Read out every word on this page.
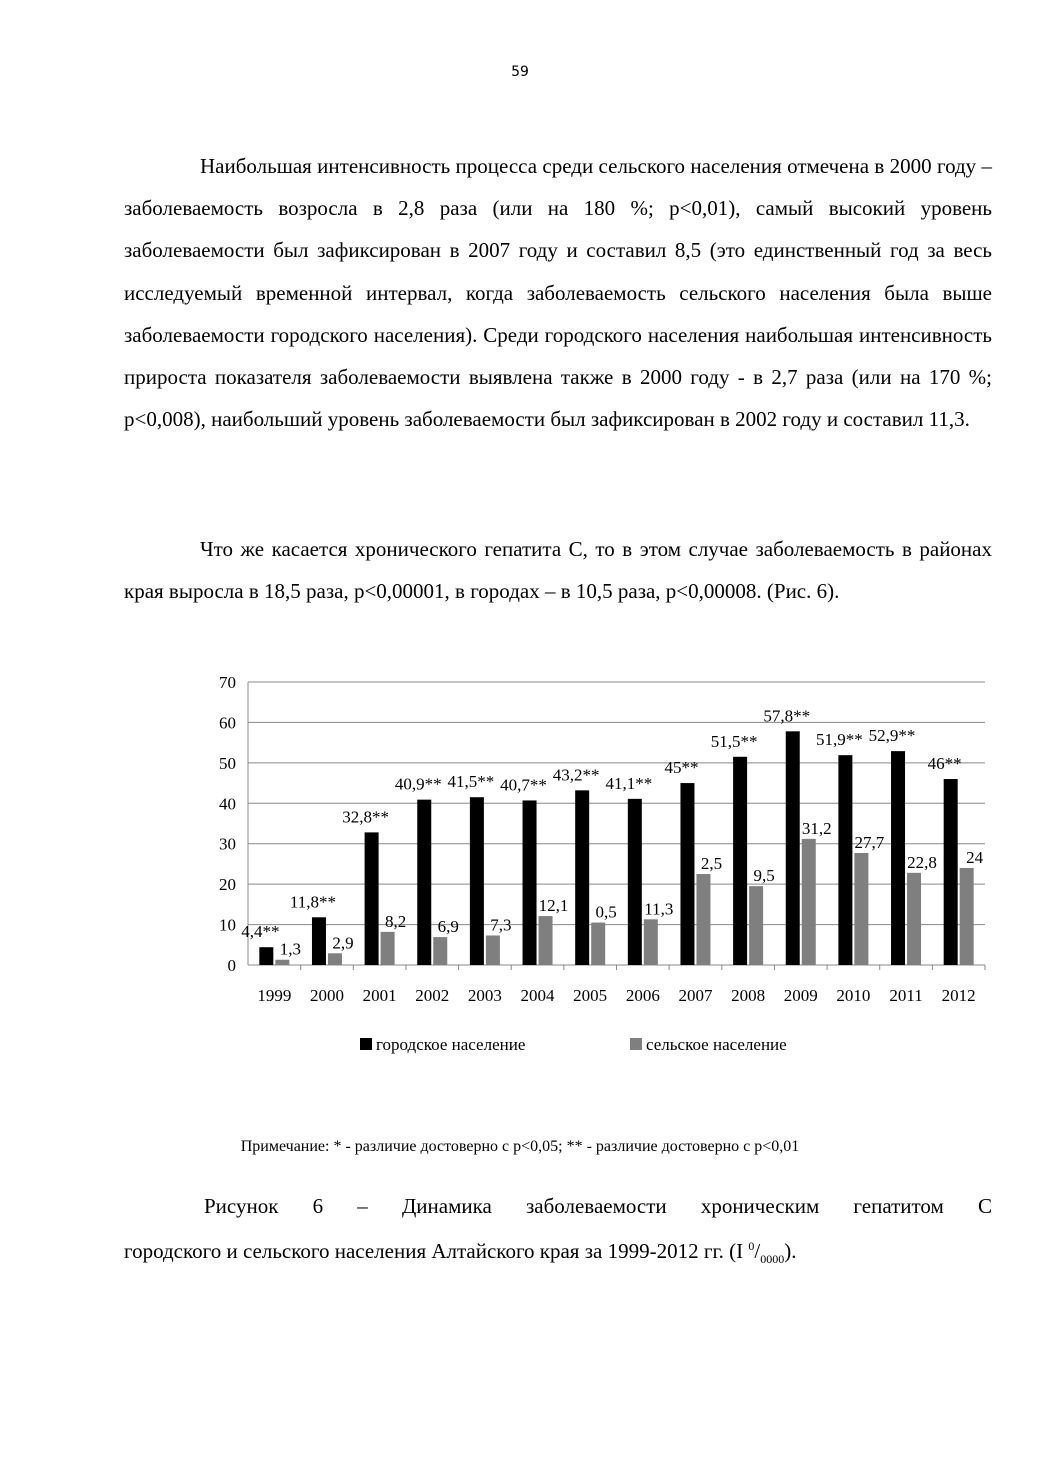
59

Наибольшая интенсивность процесса среди сельского населения отмечена в 2000 году – заболеваемость возросла в 2,8 раза (или на 180 %; p<0,01), самый высокий уровень заболеваемости был зафиксирован в 2007 году и составил 8,5 (это единственный год за весь исследуемый временной интервал, когда заболеваемость сельского населения была выше заболеваемости городского населения). Среди городского населения наибольшая интенсивность прироста показателя заболеваемости выявлена также в 2000 году - в 2,7 раза (или на 170 %; p<0,008), наибольший уровень заболеваемости был зафиксирован в 2002 году и составил 11,3.

Что же касается хронического гепатита С, то в этом случае заболеваемость в районах края выросла в 18,5 раза, p<0,00001, в городах – в 10,5 раза, p<0,00008. (Рис. 6).

0
10
20
30
40
50
60
70
1999
4,4**
1,3
2000
11,8**
2,9
2001
32,8**
8,2
2002
40,9**
6,9
2003
41,5**
7,3
2004
40,7**
12,1
2005
43,2**
0,5
2006
41,1**
11,3
2007
45**
2,5
2008
51,5**
9,5
2009
57,8**
31,2
2010
51,9**
27,7
2011
52,9**
22,8
2012
46**
24
городское население	сельское население
Примечание: * - различие достоверно с р<0,05; ** - различие достоверно с р<0,01
Рисунок 6 – Динамика заболеваемости хроническим гепатитом С
городского и сельского населения Алтайского края за 1999-2012 гг. (I $^0/_{0000}$).
